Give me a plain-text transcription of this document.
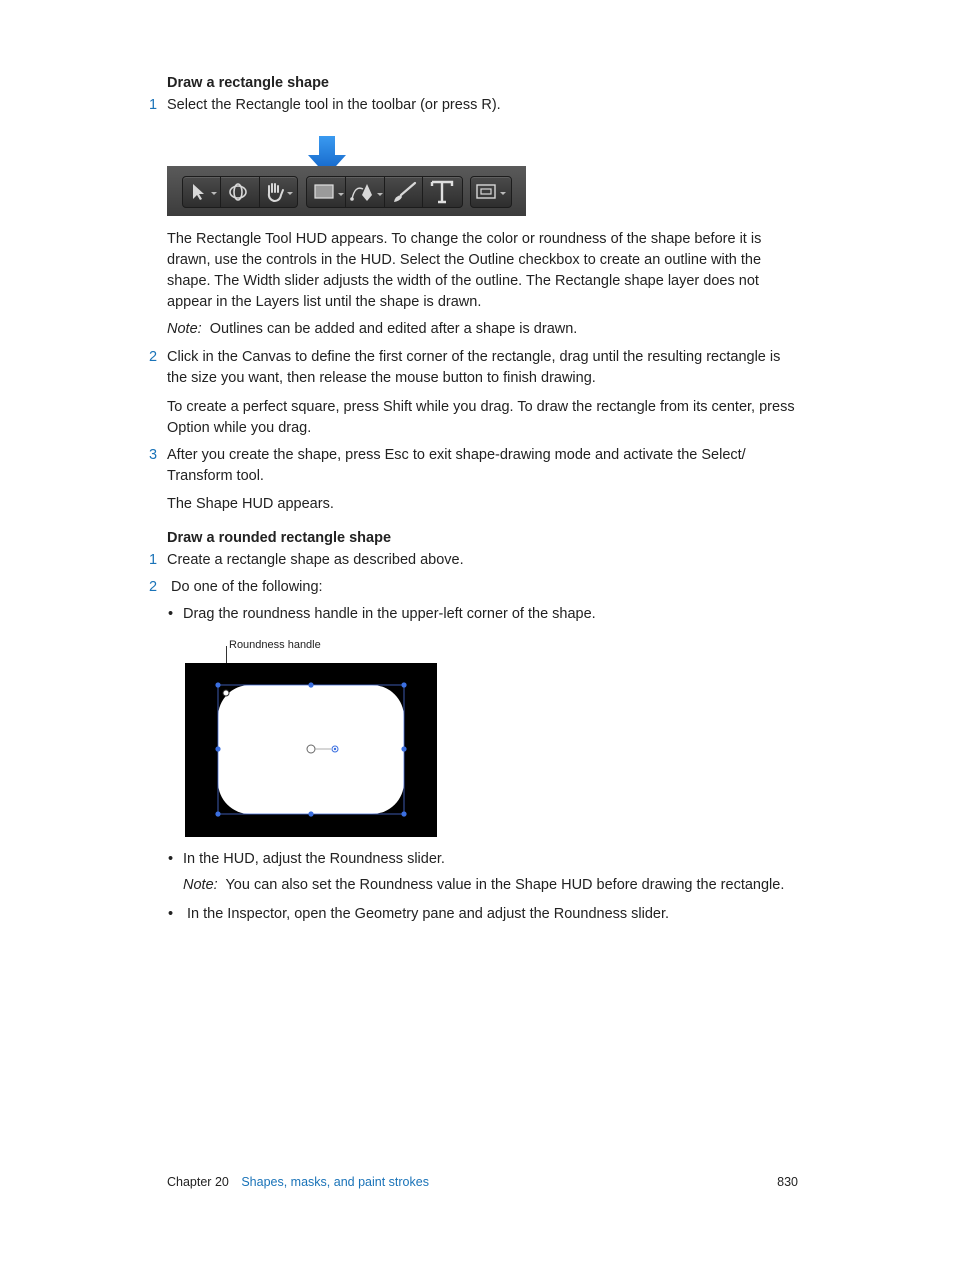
Draw a rectangle shape
1 Select the Rectangle tool in the toolbar (or press R).
The Rectangle Tool HUD appears. To change the color or roundness of the shape before it is
drawn, use the controls in the HUD. Select the Outline checkbox to create an outline with the
shape. The Width slider adjusts the width of the outline. The Rectangle shape layer does not
appear in the Layers list until the shape is drawn.
Note: Outlines can be added and edited after a shape is drawn.
2 Click in the Canvas to define the first corner of the rectangle, drag until the resulting rectangle is
the size you want, then release the mouse button to finish drawing.
To create a perfect square, press Shift while you drag. To draw the rectangle from its center, press
Option while you drag.
3 After you create the shape, press Esc to exit shape-drawing mode and activate the Select/
Transform tool.
The Shape HUD appears.
Draw a rounded rectangle shape
1 Create a rectangle shape as described above.
2 Do one of the following:
• Drag the roundness handle in the upper-left corner of the shape.
Roundness handle
• In the HUD, adjust the Roundness slider.
Note: You can also set the Roundness value in the Shape HUD before drawing the rectangle.
• In the Inspector, open the Geometry pane and adjust the Roundness slider.
Chapter 20 Shapes, masks, and paint strokes	830
